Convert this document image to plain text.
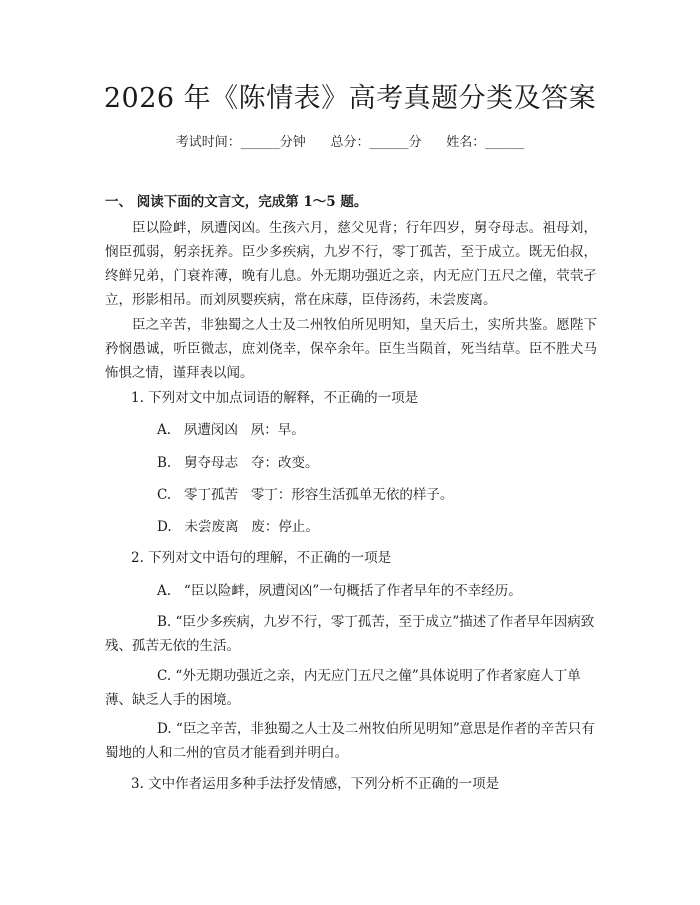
2026 年《陈情表》高考真题分类及答案
考试时间：______分钟      总分：______分      姓名：______
一、 阅读下面的文言文，完成第 1～5 题。

臣以险衅，夙遭闵凶。生孩六月，慈父见背；行年四岁，舅夺母志。祖母刘，悯臣孤弱，躬亲抚养。臣少多疾病，九岁不行，零丁孤苦，至于成立。既无伯叔，终鲜兄弟，门衰祚薄，晚有儿息。外无期功强近之亲，内无应门五尺之僮，茕茕孑立，形影相吊。而刘夙婴疾病，常在床蓐，臣侍汤药，未尝废离。

臣之辛苦，非独蜀之人士及二州牧伯所见明知，皇天后土，实所共鉴。愿陛下矜悯愚诚，听臣微志，庶刘侥幸，保卒余年。臣生当陨首，死当结草。臣不胜犬马怖惧之情，谨拜表以闻。

1. 下列对文中加点词语的解释，不正确的一项是

A.   夙遭闵凶   夙：早。

B.   舅夺母志   夺：改变。

C.   零丁孤苦   零丁：形容生活孤单无依的样子。

D.   未尝废离   废：停止。

2. 下列对文中语句的理解，不正确的一项是

A.   “臣以险衅，夙遭闵凶”一句概括了作者早年的不幸经历。

B. “臣少多疾病，九岁不行，零丁孤苦，至于成立”描述了作者早年因病致残、孤苦无依的生活。

C. “外无期功强近之亲，内无应门五尺之僮”具体说明了作者家庭人丁单薄、缺乏人手的困境。

D. “臣之辛苦，非独蜀之人士及二州牧伯所见明知”意思是作者的辛苦只有蜀地的人和二州的官员才能看到并明白。

3. 文中作者运用多种手法抒发情感，下列分析不正确的一项是
